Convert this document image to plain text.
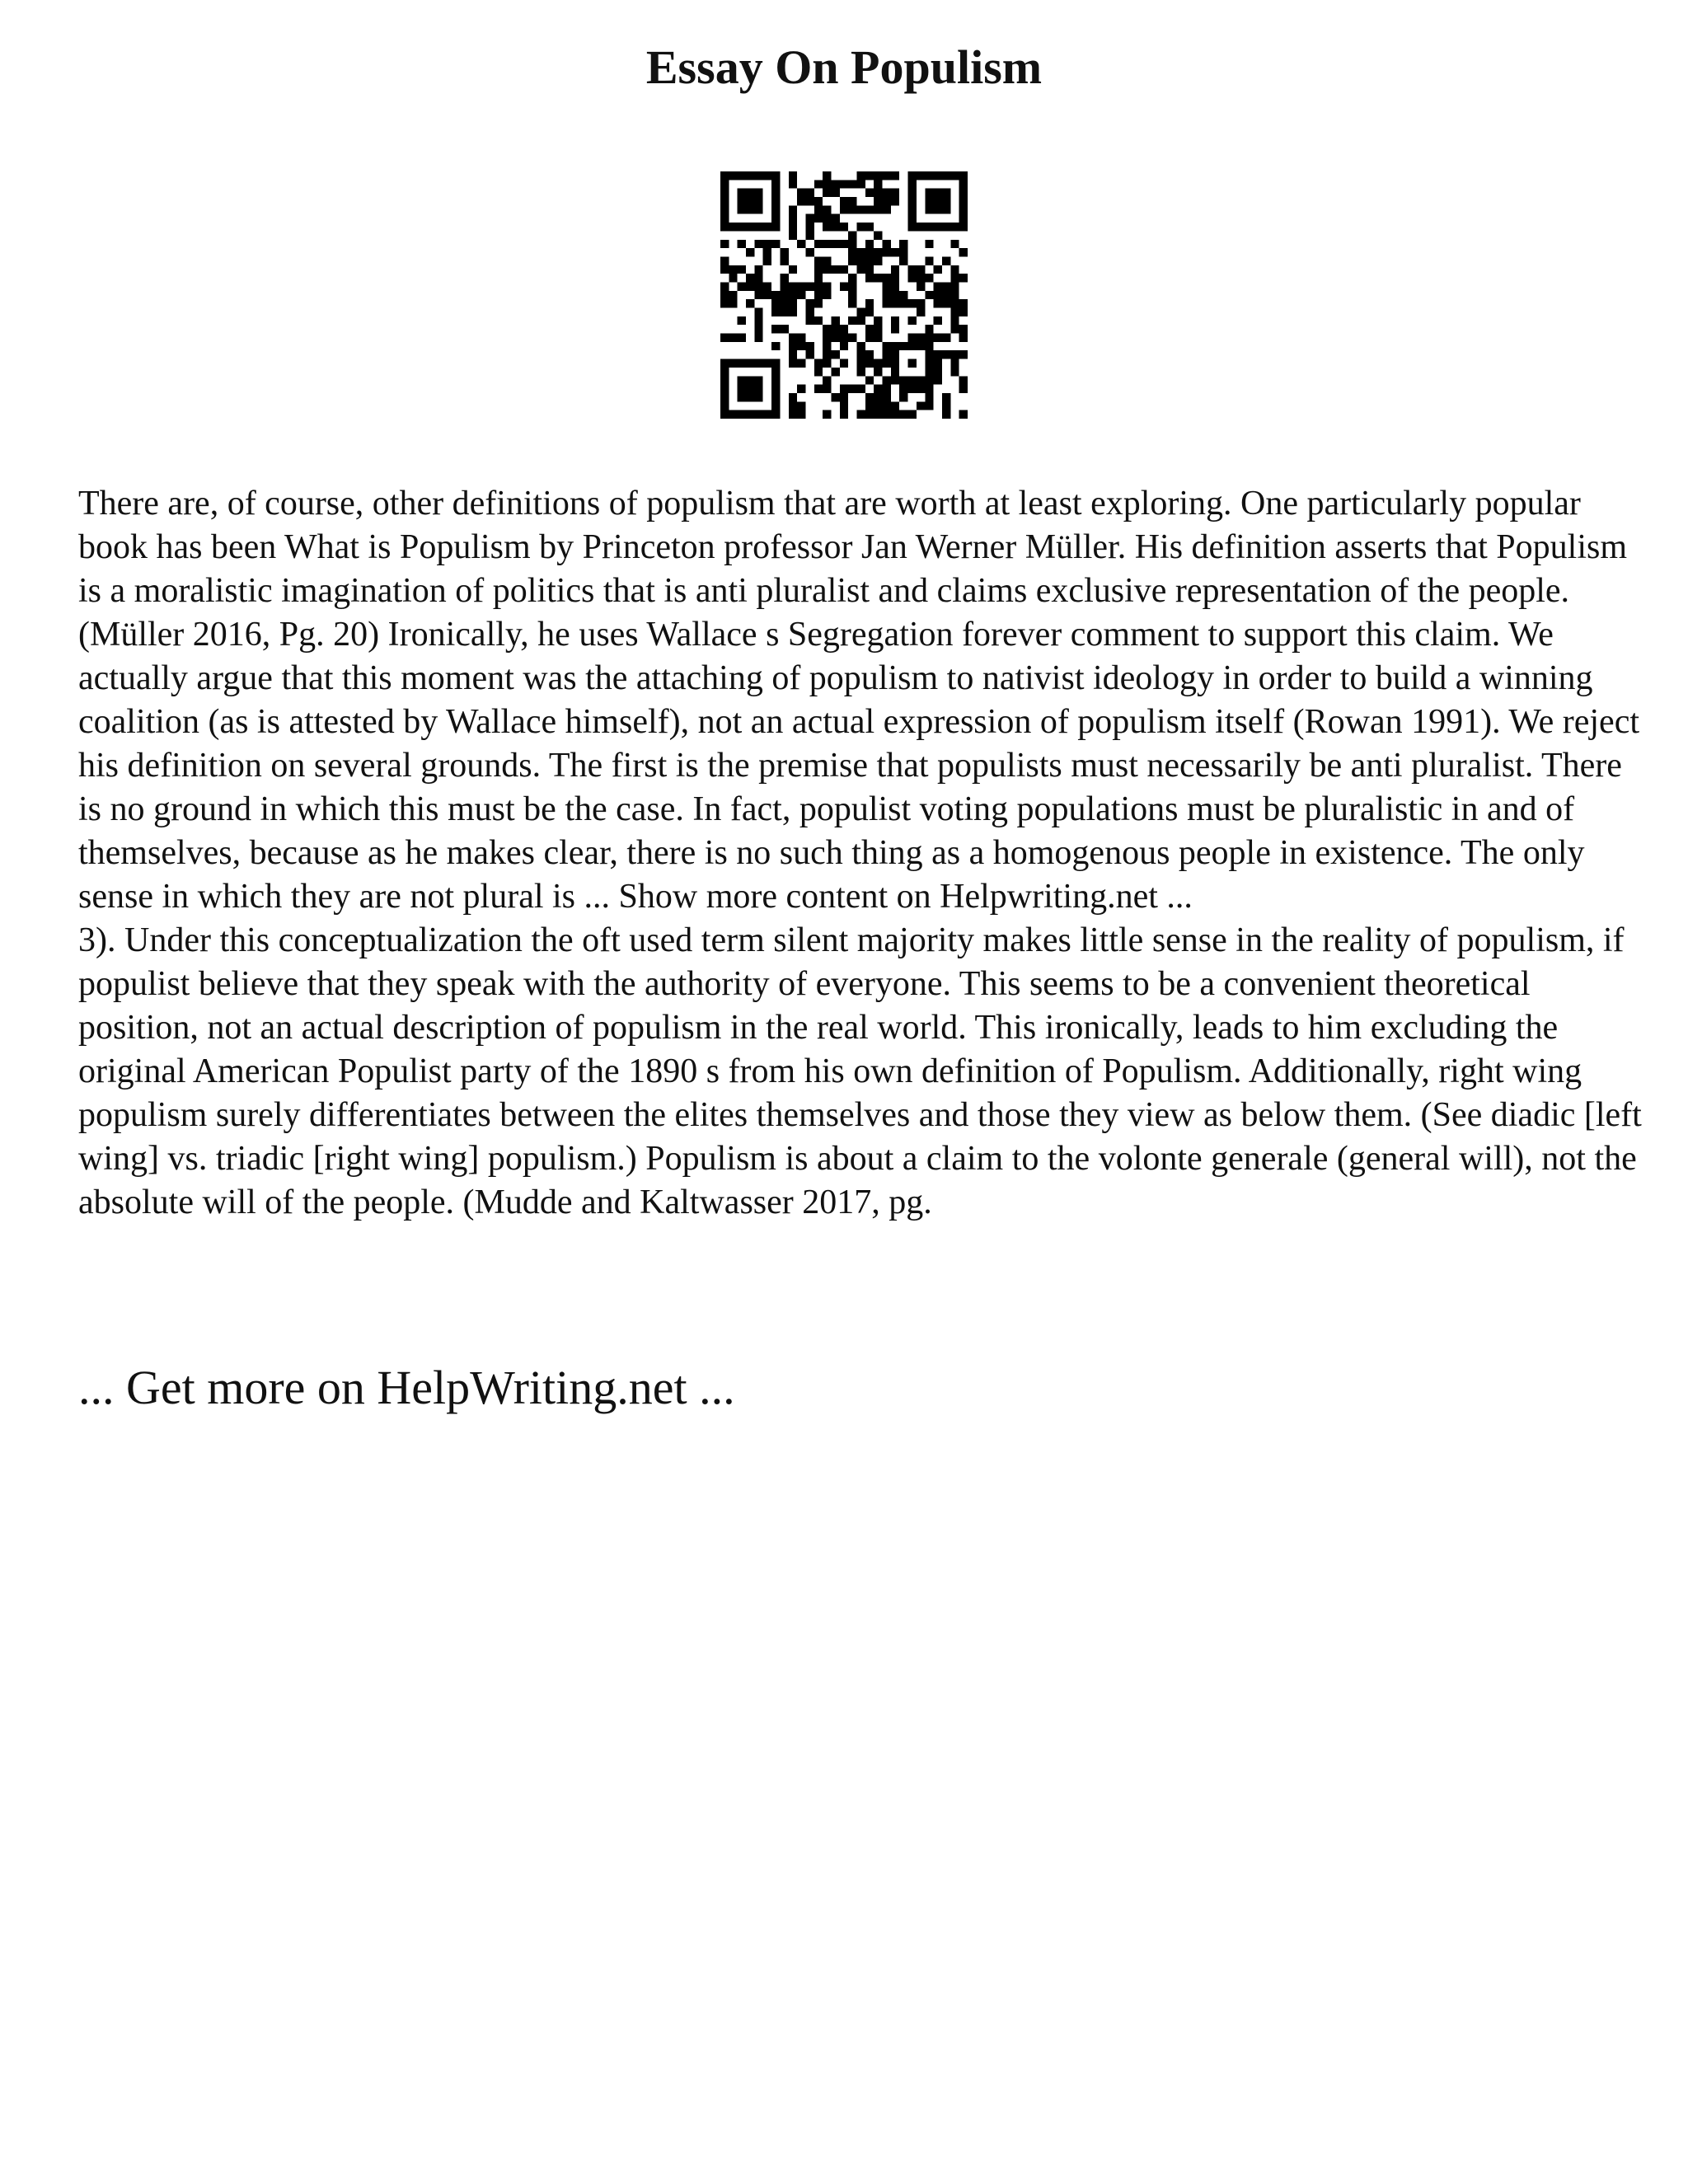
Essay On Populism

There are, of course, other definitions of populism that are worth at least exploring. One particularly popular book has been What is Populism by Princeton professor Jan Werner Müller. His definition asserts that Populism is a moralistic imagination of politics that is anti pluralist and claims exclusive representation of the people. (Müller 2016, Pg. 20) Ironically, he uses Wallace s Segregation forever comment to support this claim. We actually argue that this moment was the attaching of populism to nativist ideology in order to build a winning coalition (as is attested by Wallace himself), not an actual expression of populism itself (Rowan 1991). We reject his definition on several grounds. The first is the premise that populists must necessarily be anti pluralist. There is no ground in which this must be the case. In fact, populist voting populations must be pluralistic in and of themselves, because as he makes clear, there is no such thing as a homogenous people in existence. The only sense in which they are not plural is ... Show more content on Helpwriting.net ...

3). Under this conceptualization the oft used term silent majority makes little sense in the reality of populism, if populist believe that they speak with the authority of everyone. This seems to be a convenient theoretical position, not an actual description of populism in the real world. This ironically, leads to him excluding the original American Populist party of the 1890 s from his own definition of Populism. Additionally, right wing populism surely differentiates between the elites themselves and those they view as below them. (See diadic [left wing] vs. triadic [right wing] populism.) Populism is about a claim to the volonte generale (general will), not the absolute will of the people. (Mudde and Kaltwasser 2017, pg.

... Get more on HelpWriting.net ...
